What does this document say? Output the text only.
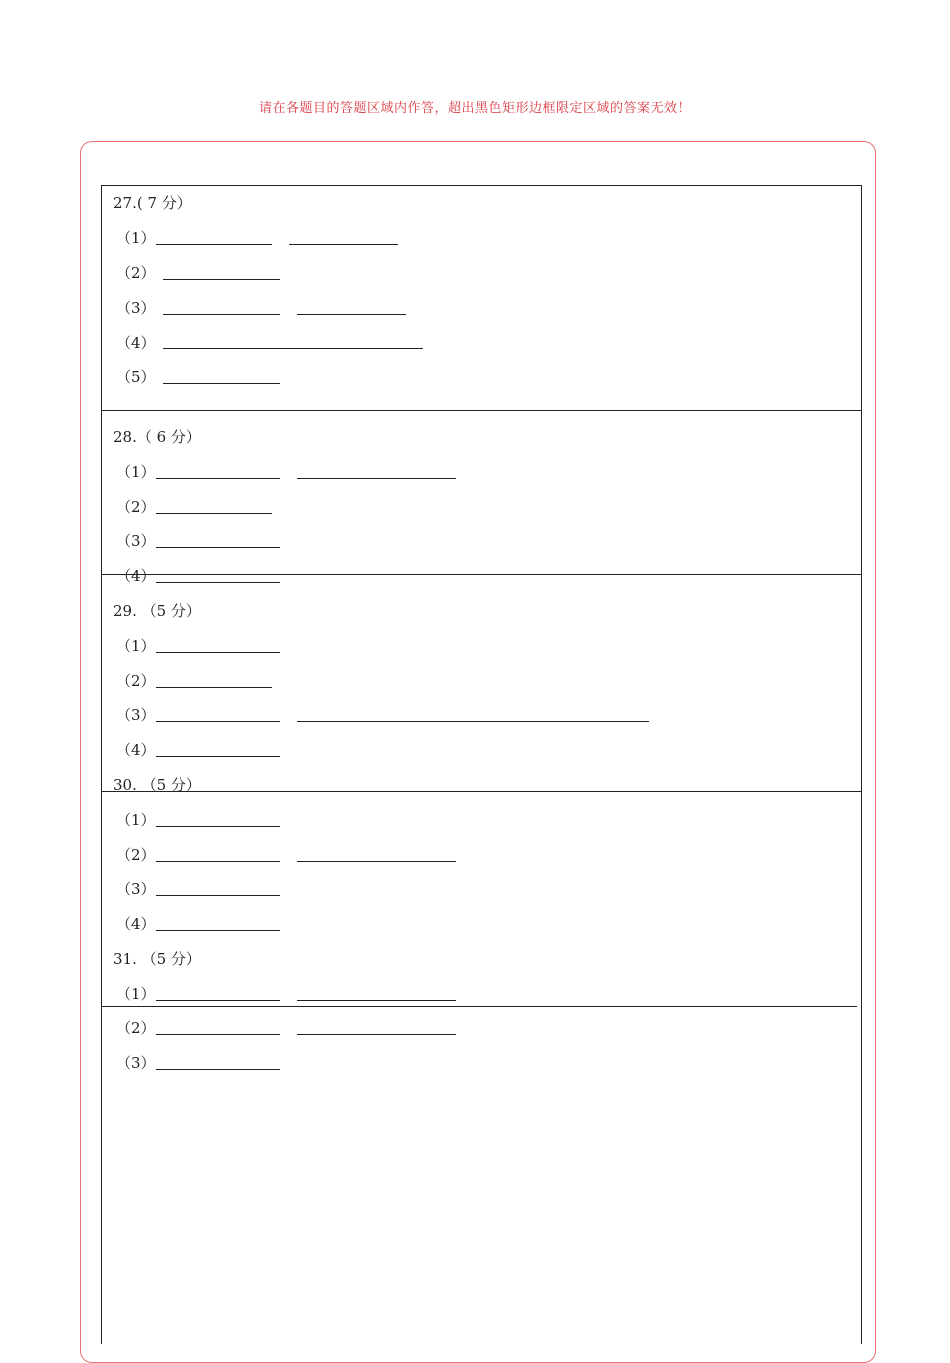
请在各题目的答题区域内作答，超出黑色矩形边框限定区域的答案无效！
27.( 7 分）
（1）
（2）
（3）
（4）
（5）
28.（ 6 分）
（1）
（2）
（3）
（4）
29. （5 分）
（1）
（2）
（3）
（4）
30. （5 分）
（1）
（2）
（3）
（4）
31. （5 分）
（1）
（2）
（3）
